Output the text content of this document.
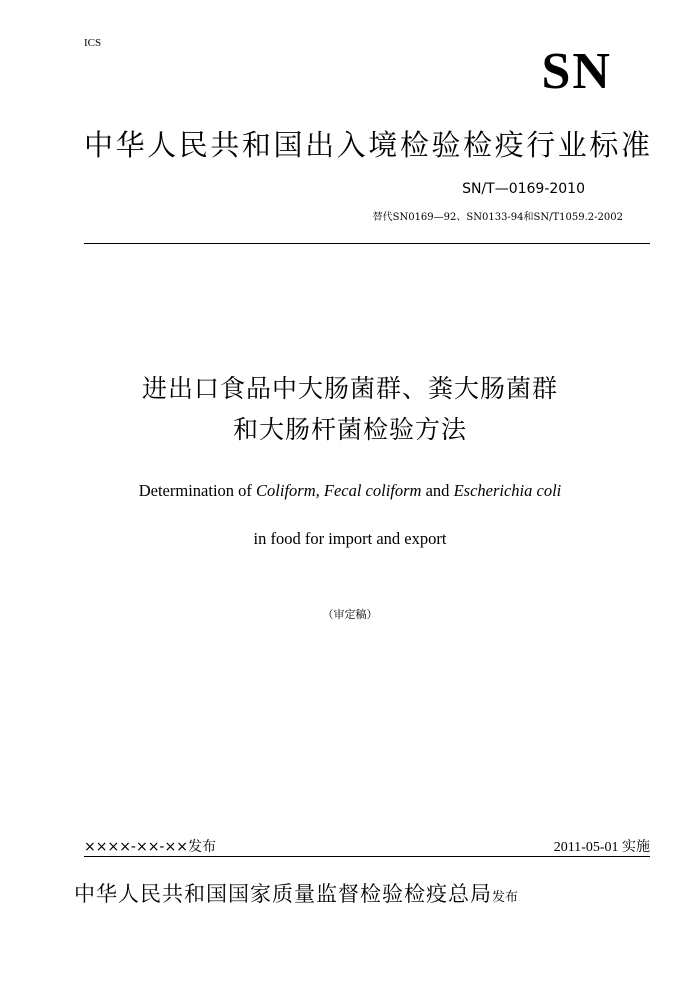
ICS	SN
中华人民共和国出入境检验检疫行业标准
SN/T—0169-2010
替代SN0169—92、SN0133-94和SN/T1059.2-2002
进出口食品中大肠菌群、粪大肠菌群
和大肠杆菌检验方法
Determination of Coliform, Fecal coliform and Escherichia coli
in food for import and export
（审定稿）
××××-××-××发布	2011-05-01 实施
中华人民共和国国家质量监督检验检疫总局发布
